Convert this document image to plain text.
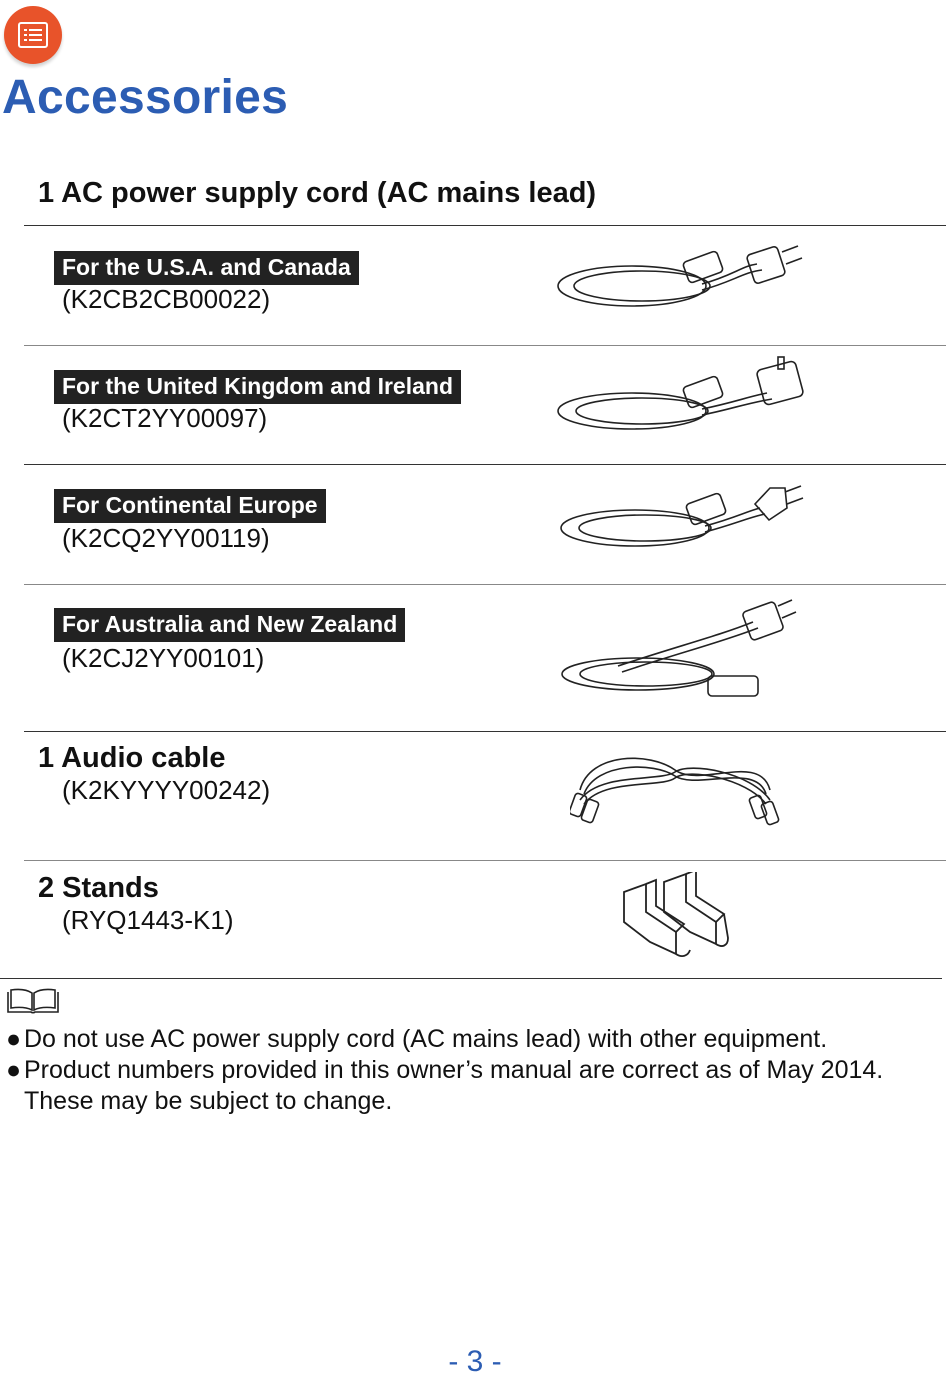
Accessories
1 AC power supply cord (AC mains lead)
For the U.S.A. and Canada
(K2CB2CB00022)
For the United Kingdom and Ireland
(K2CT2YY00097)
For Continental Europe
(K2CQ2YY00119)
For Australia and New Zealand
(K2CJ2YY00101)
1 Audio cable
(K2KYYYY00242)
2 Stands
(RYQ1443-K1)
● Do not use AC power supply cord (AC mains lead) with other equipment.
● Product numbers provided in this owner’s manual are correct as of May 2014.
These may be subject to change.
- 3 -
